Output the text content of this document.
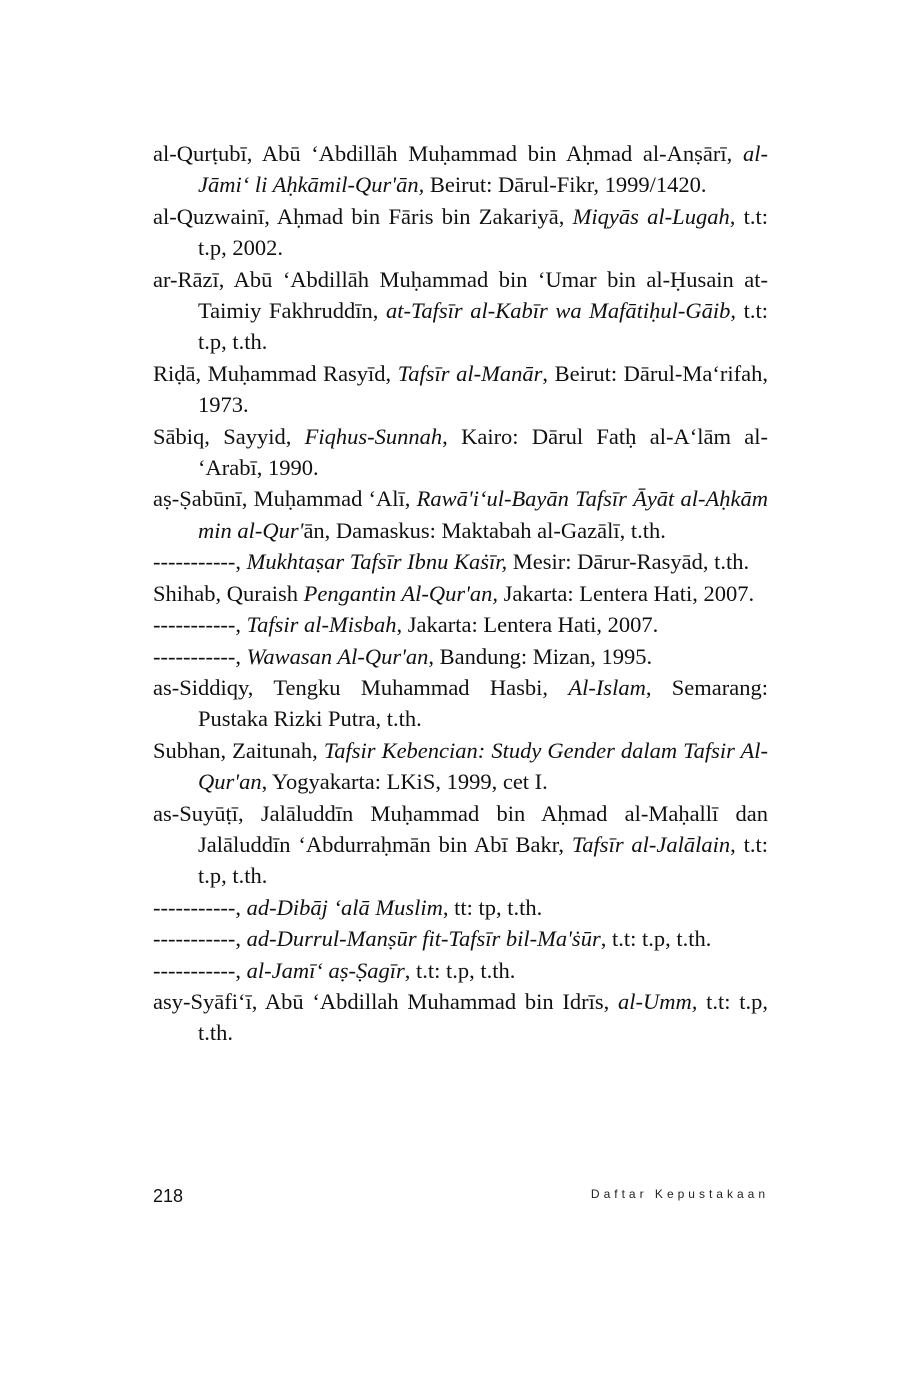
al-Qurṭubī, Abū ʻAbdillāh Muḥammad bin Aḥmad al-Anṣārī, al-Jāmiʻ li Aḥkāmil-Qur'ān, Beirut: Dārul-Fikr, 1999/1420.
al-Quzwainī, Aḥmad bin Fāris bin Zakariyā, Miqyās al-Lugah, t.t: t.p, 2002.
ar-Rāzī, Abū ʻAbdillāh Muḥammad bin ʻUmar bin al-Ḥusain at-Taimiy Fakhruddīn, at-Tafsīr al-Kabīr wa Mafātiḥul-Gāib, t.t: t.p, t.th.
Riḍā, Muḥammad Rasyīd, Tafsīr al-Manār, Beirut: Dārul-Maʻrifah, 1973.
Sābiq, Sayyid, Fiqhus-Sunnah, Kairo: Dārul Fatḥ al-Aʻlām al-ʻArabī, 1990.
aṣ-Ṣabūnī, Muḥammad ʻAlī, Rawā'iʻul-Bayān Tafsīr Āyāt al-Aḥkām min al-Qur'ān, Damaskus: Maktabah al-Gazālī, t.th.
-----------, Mukhtaṣar Tafsīr Ibnu Kaṡīr, Mesir: Dārur-Rasyād, t.th.
Shihab, Quraish Pengantin Al-Qur'an, Jakarta: Lentera Hati, 2007.
-----------, Tafsir al-Misbah, Jakarta: Lentera Hati, 2007.
-----------, Wawasan Al-Qur'an, Bandung: Mizan, 1995.
as-Siddiqy, Tengku Muhammad Hasbi, Al-Islam, Semarang: Pustaka Rizki Putra, t.th.
Subhan, Zaitunah, Tafsir Kebencian: Study Gender dalam Tafsir Al-Qur'an, Yogyakarta: LKiS, 1999, cet I.
as-Suyūṭī, Jalāluddīn Muḥammad bin Aḥmad al-Maḥallī dan Jalāluddīn ʻAbdurraḥmān bin Abī Bakr, Tafsīr al-Jalālain, t.t: t.p, t.th.
-----------, ad-Dibāj ʻalā Muslim, tt: tp, t.th.
-----------, ad-Durrul-Manṣūr fit-Tafsīr bil-Ma'ṡūr, t.t: t.p, t.th.
-----------, al-Jamīʻ aṣ-Ṣagīr, t.t: t.p, t.th.
asy-Syāfiʻī, Abū ʻAbdillah Muhammad bin Idrīs, al-Umm, t.t: t.p, t.th.
218	Daftar Kepustakaan
